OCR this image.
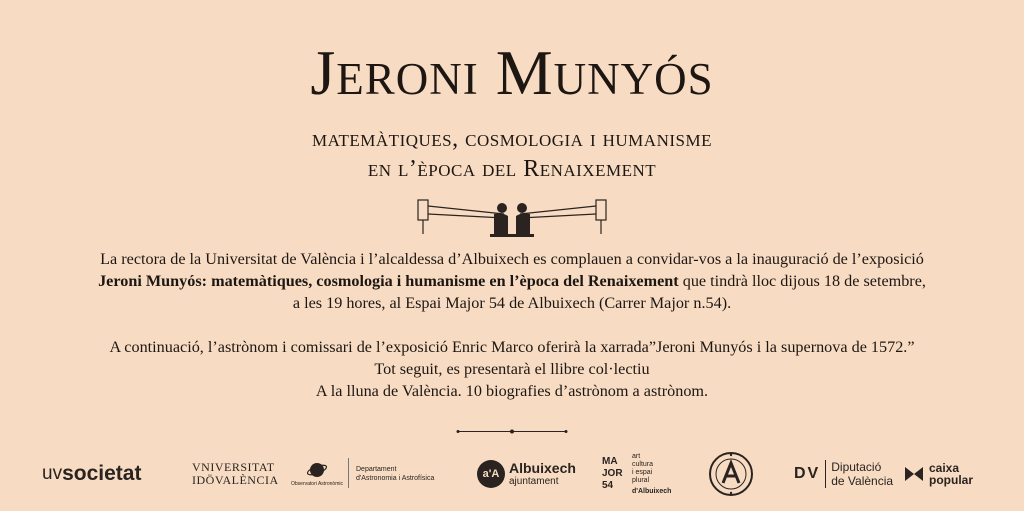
Jeroni Munyós
matemàtiques, cosmologia i humanisme
en l’època del Renaixement

La rectora de la Universitat de València i l’alcaldessa d’Albuixech es complauen a convidar-vos a la inauguració de l’exposició

Jeroni Munyós: matemàtiques, cosmologia i humanisme en l’època del Renaixement que tindrà lloc dijous 18 de setembre,

a les 19 hores, al Espai Major 54 de Albuixech (Carrer Major n.54).

A continuació, l’astrònom i comissari de l’exposició Enric Marco oferirà la xarrada”Jeroni Munyós i la supernova de 1572.”

Tot seguit, es presentarà el llibre col·lectiu

A la lluna de València. 10 biografies d’astrònom a astrònom.

uv societat	VNIVERSITAT
IDÖVALÈNCIA Observatori Astronòmic
Departament
d'Astronomia i Astrofísica	a'A Albuixech
ajuntament
MA JOR 54
art
cultura
i espai
plural
d'Albuixech
DV Diputació
de València
caixa
popular
